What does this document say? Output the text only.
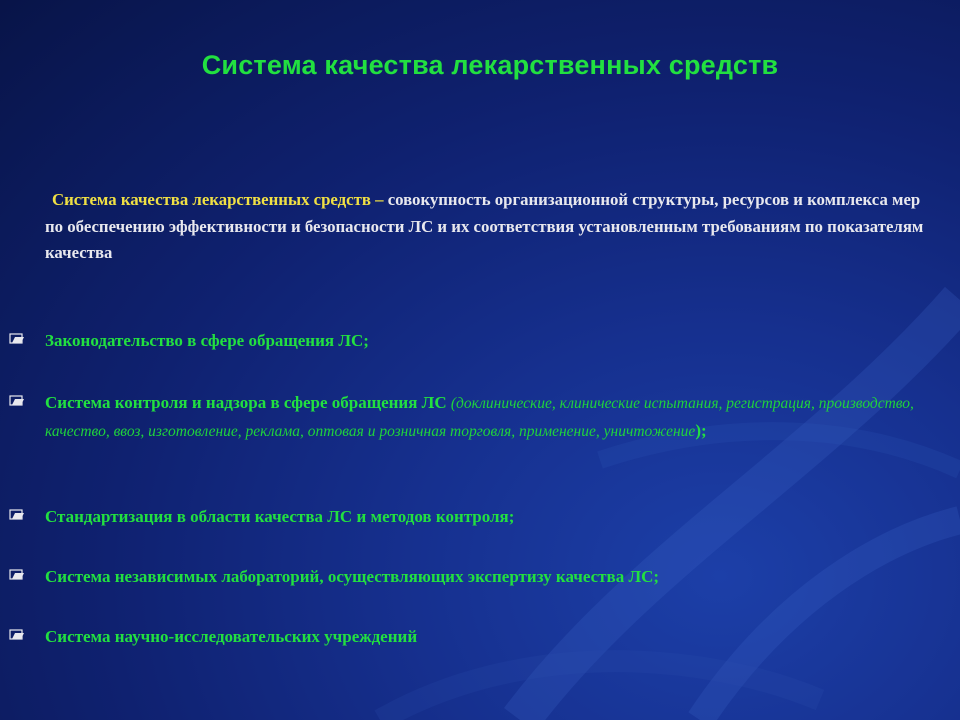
Система качества лекарственных средств
Система качества лекарственных средств – совокупность организационной структуры, ресурсов и комплекса мер по обеспечению эффективности и безопасности ЛС и их соответствия установленным требованиям по показателям качества
Законодательство в сфере обращения ЛС;
Система контроля и надзора в сфере обращения ЛС (доклинические, клинические испытания, регистрация, производство, качество, ввоз, изготовление, реклама, оптовая и розничная торговля, применение, уничтожение);
Стандартизация в области качества ЛС и методов контроля;
Система независимых лабораторий, осуществляющих экспертизу качества ЛС;
Система научно-исследовательских учреждений
